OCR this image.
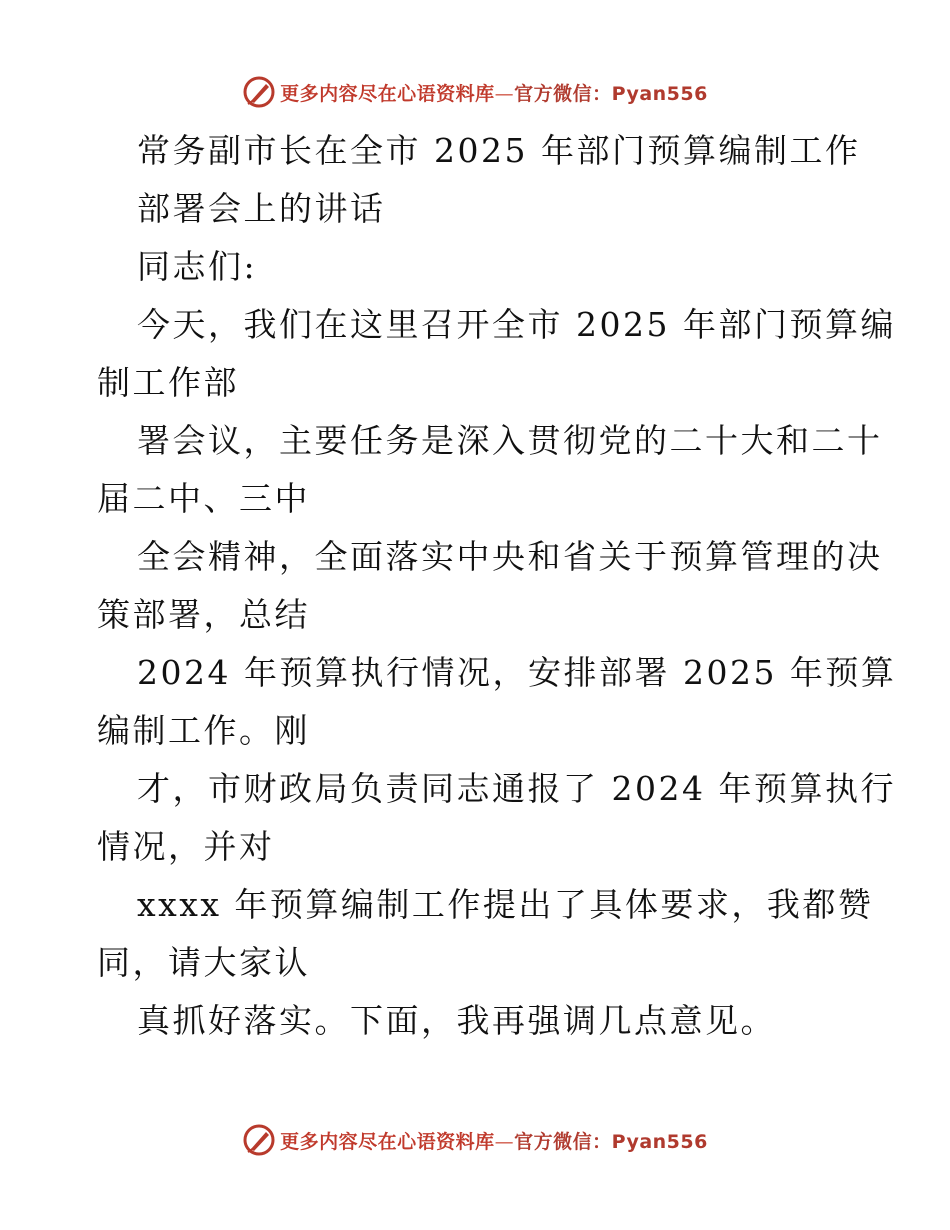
更多内容尽在心语资料库—官方微信：Pyan556
常务副市长在全市 2025 年部门预算编制工作
部署会上的讲话
同志们:
今天，我们在这里召开全市 2025 年部门预算编
制工作部
署会议，主要任务是深入贯彻党的二十大和二十
届二中、三中
全会精神，全面落实中央和省关于预算管理的决
策部署，总结
2024 年预算执行情况，安排部署 2025 年预算
编制工作。刚
才，市财政局负责同志通报了 2024 年预算执行
情况，并对
xxxx 年预算编制工作提出了具体要求，我都赞
同，请大家认
真抓好落实。下面，我再强调几点意见。
更多内容尽在心语资料库—官方微信：Pyan556
